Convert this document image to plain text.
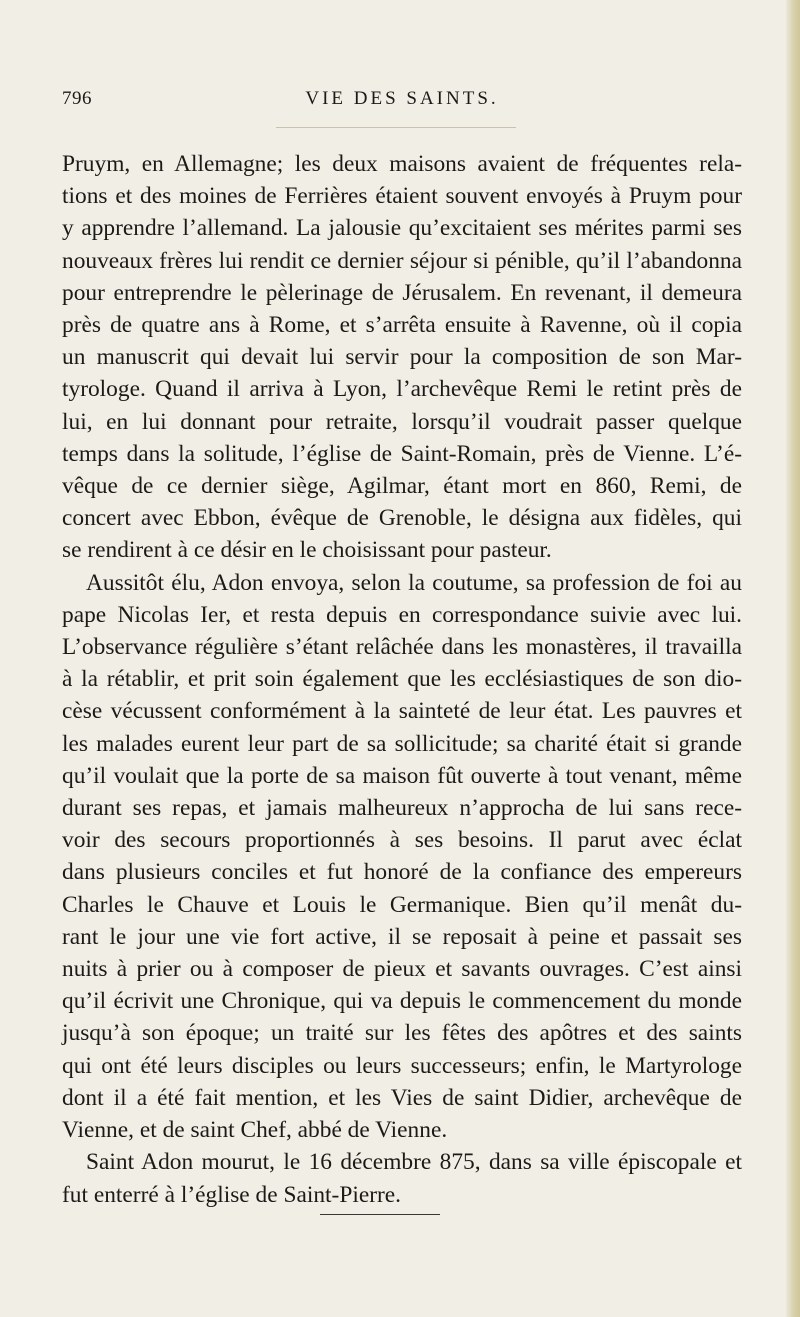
796	VIE DES SAINTS.
Pruym, en Allemagne; les deux maisons avaient de fréquentes rela-
tions et des moines de Ferrières étaient souvent envoyés à Pruym pour
y apprendre l’allemand. La jalousie qu’excitaient ses mérites parmi ses
nouveaux frères lui rendit ce dernier séjour si pénible, qu’il l’abandonna
pour entreprendre le pèlerinage de Jérusalem. En revenant, il demeura
près de quatre ans à Rome, et s’arrêta ensuite à Ravenne, où il copia
un manuscrit qui devait lui servir pour la composition de son Mar-
tyrologe. Quand il arriva à Lyon, l’archevêque Remi le retint près de
lui, en lui donnant pour retraite, lorsqu’il voudrait passer quelque
temps dans la solitude, l’église de Saint-Romain, près de Vienne. L’é-
vêque de ce dernier siège, Agilmar, étant mort en 860, Remi, de
concert avec Ebbon, évêque de Grenoble, le désigna aux fidèles, qui
se rendirent à ce désir en le choisissant pour pasteur.
Aussitôt élu, Adon envoya, selon la coutume, sa profession de foi au
pape Nicolas Ier, et resta depuis en correspondance suivie avec lui.
L’observance régulière s’étant relâchée dans les monastères, il travailla
à la rétablir, et prit soin également que les ecclésiastiques de son dio-
cèse vécussent conformément à la sainteté de leur état. Les pauvres et
les malades eurent leur part de sa sollicitude; sa charité était si grande
qu’il voulait que la porte de sa maison fût ouverte à tout venant, même
durant ses repas, et jamais malheureux n’approcha de lui sans rece-
voir des secours proportionnés à ses besoins. Il parut avec éclat
dans plusieurs conciles et fut honoré de la confiance des empereurs
Charles le Chauve et Louis le Germanique. Bien qu’il menât du-
rant le jour une vie fort active, il se reposait à peine et passait ses
nuits à prier ou à composer de pieux et savants ouvrages. C’est ainsi
qu’il écrivit une Chronique, qui va depuis le commencement du monde
jusqu’à son époque; un traité sur les fêtes des apôtres et des saints
qui ont été leurs disciples ou leurs successeurs; enfin, le Martyrologe
dont il a été fait mention, et les Vies de saint Didier, archevêque de
Vienne, et de saint Chef, abbé de Vienne.
Saint Adon mourut, le 16 décembre 875, dans sa ville épiscopale et
fut enterré à l’église de Saint-Pierre.
